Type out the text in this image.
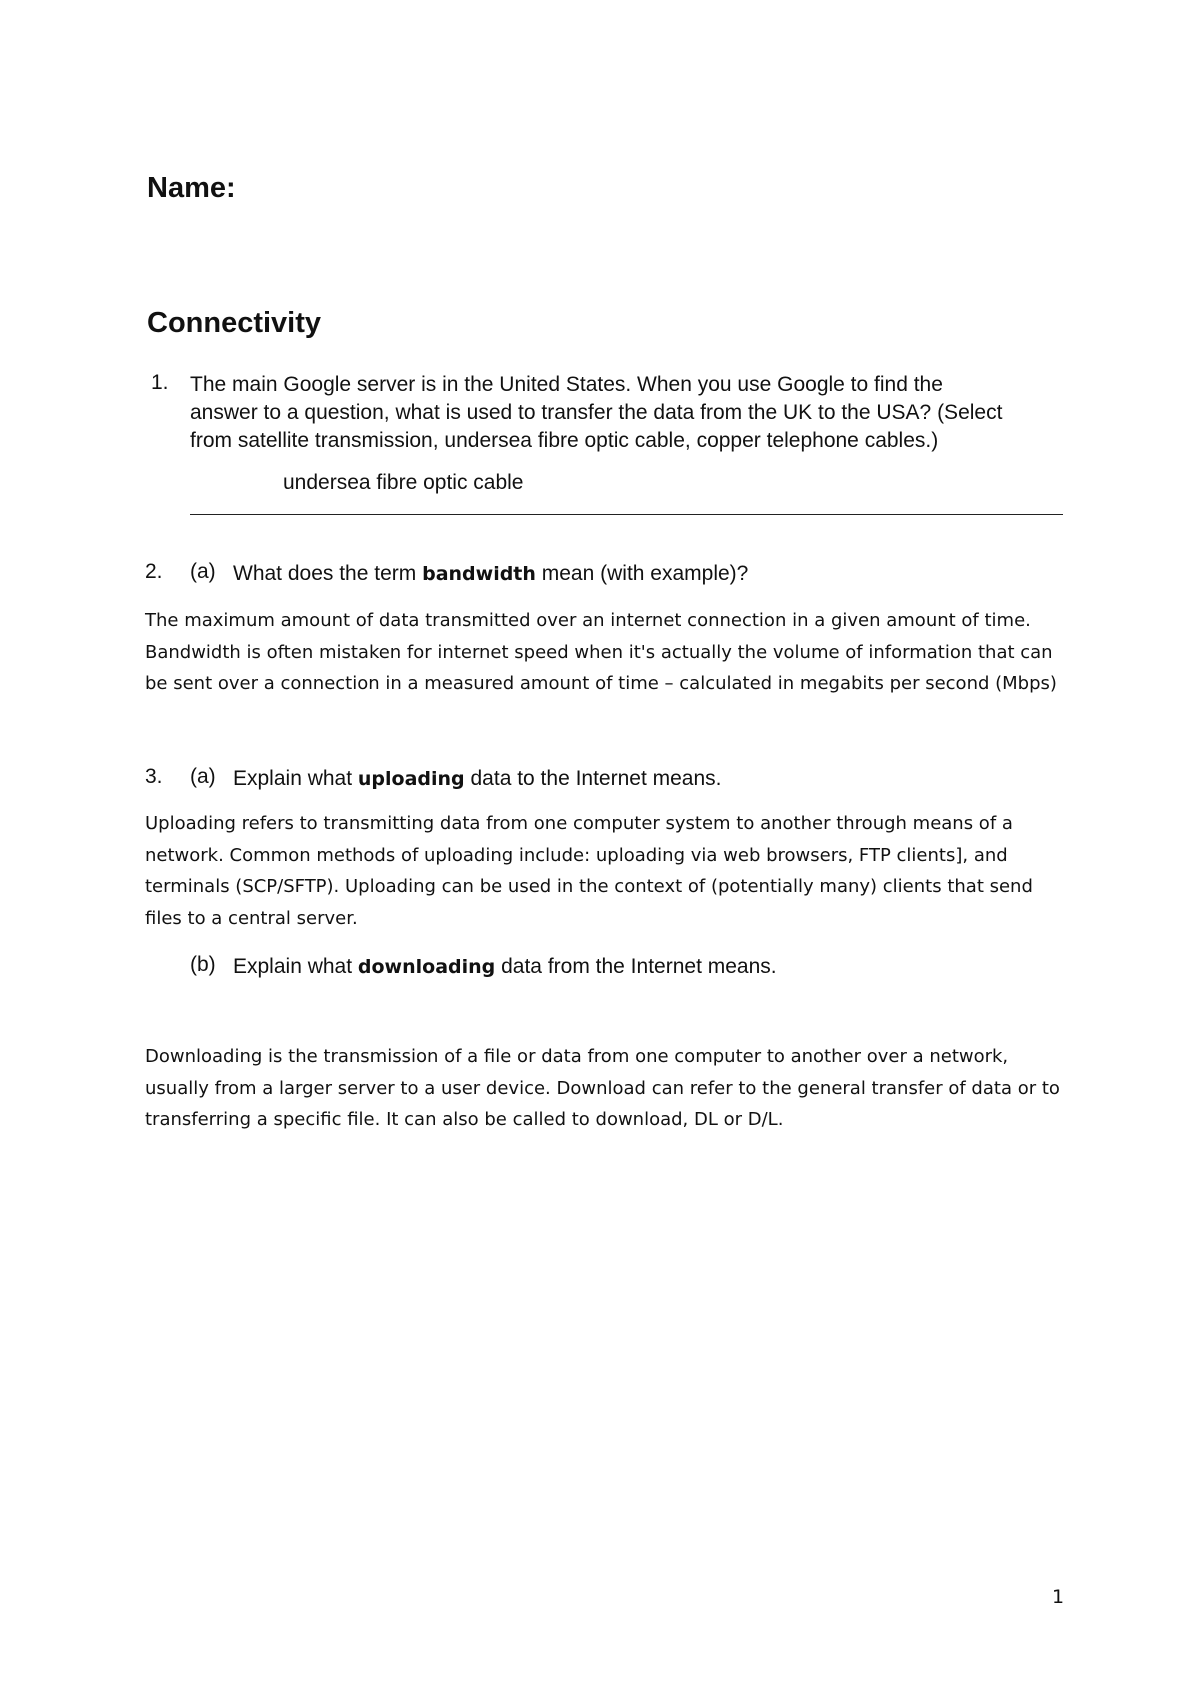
Name:
Connectivity
1. The main Google server is in the United States. When you use Google to find the
answer to a question, what is used to transfer the data from the UK to the USA? (Select
from satellite transmission, undersea fibre optic cable, copper telephone cables.)
undersea fibre optic cable
2. (a) What does the term bandwidth mean (with example)?
The maximum amount of data transmitted over an internet connection in a given amount of time.
Bandwidth is often mistaken for internet speed when it's actually the volume of information that can
be sent over a connection in a measured amount of time – calculated in megabits per second (Mbps)
3. (a) Explain what uploading data to the Internet means.
Uploading refers to transmitting data from one computer system to another through means of a
network. Common methods of uploading include: uploading via web browsers, FTP clients], and
terminals (SCP/SFTP). Uploading can be used in the context of (potentially many) clients that send
files to a central server.
(b) Explain what downloading data from the Internet means.
Downloading is the transmission of a file or data from one computer to another over a network,
usually from a larger server to a user device. Download can refer to the general transfer of data or to
transferring a specific file. It can also be called to download, DL or D/L.
1
